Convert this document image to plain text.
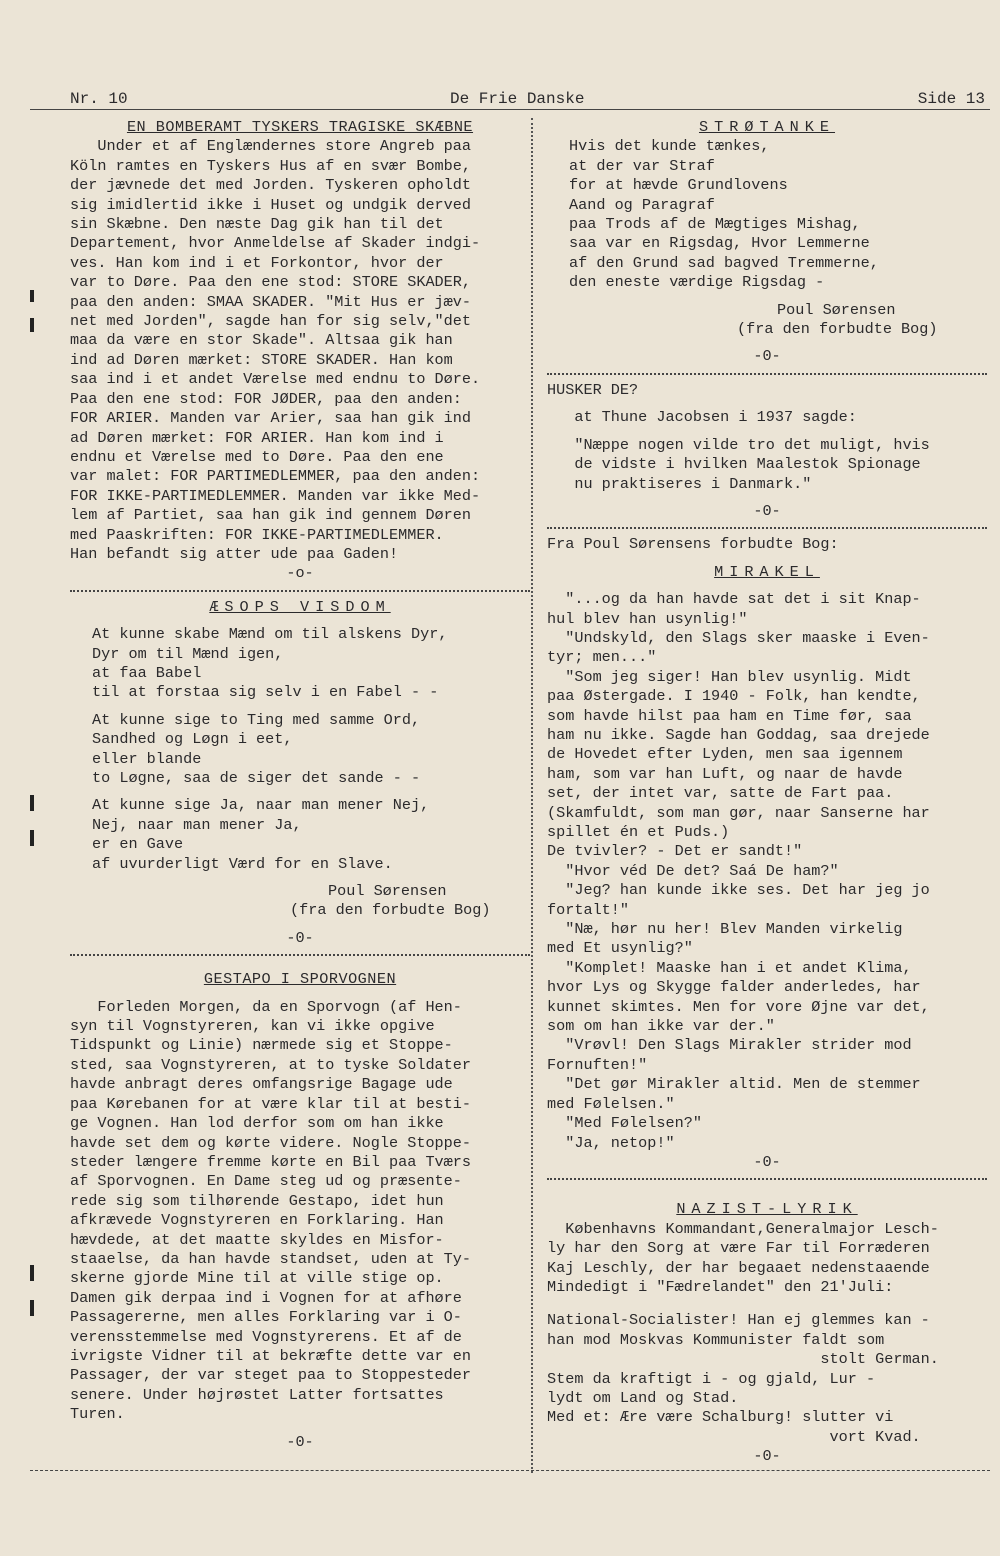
Nr. 10	De Frie Danske	Side 13

EN BOMBERAMT TYSKERS TRAGISKE SKÆBNE

Under et af Englændernes store Angreb paa

Köln ramtes en Tyskers Hus af en svær Bombe,

der jævnede det med Jorden. Tyskeren opholdt

sig imidlertid ikke i Huset og undgik derved

sin Skæbne. Den næste Dag gik han til det

Departement, hvor Anmeldelse af Skader indgi-

ves. Han kom ind i et Forkontor, hvor der

var to Døre. Paa den ene stod: STORE SKADER,

paa den anden: SMAA SKADER. "Mit Hus er jæv-

net med Jorden", sagde han for sig selv,"det

maa da være en stor Skade". Altsaa gik han

ind ad Døren mærket: STORE SKADER. Han kom

saa ind i et andet Værelse med endnu to Døre.

Paa den ene stod: FOR JØDER, paa den anden:

FOR ARIER. Manden var Arier, saa han gik ind

ad Døren mærket: FOR ARIER. Han kom ind i

endnu et Værelse med to Døre. Paa den ene

var malet: FOR PARTIMEDLEMMER, paa den anden:

FOR IKKE-PARTIMEDLEMMER. Manden var ikke Med-

lem af Partiet, saa han gik ind gennem Døren

med Paaskriften: FOR IKKE-PARTIMEDLEMMER.

Han befandt sig atter ude paa Gaden!

-o-

ÆSOPS VISDOM

At kunne skabe Mænd om til alskens Dyr,

Dyr om til Mænd igen,

at faa Babel

til at forstaa sig selv i en Fabel - -

At kunne sige to Ting med samme Ord,

Sandhed og Løgn i eet,

eller blande

to Løgne, saa de siger det sande - -

At kunne sige Ja, naar man mener Nej,

Nej, naar man mener Ja,

er en Gave

af uvurderligt Værd for en Slave.

Poul Sørensen

(fra den forbudte Bog)

-0-

GESTAPO I SPORVOGNEN

Forleden Morgen, da en Sporvogn (af Hen-

syn til Vognstyreren, kan vi ikke opgive

Tidspunkt og Linie) nærmede sig et Stoppe-

sted, saa Vognstyreren, at to tyske Soldater

havde anbragt deres omfangsrige Bagage ude

paa Kørebanen for at være klar til at besti-

ge Vognen. Han lod derfor som om han ikke

havde set dem og kørte videre. Nogle Stoppe-

steder længere fremme kørte en Bil paa Tværs

af Sporvognen. En Dame steg ud og præsente-

rede sig som tilhørende Gestapo, idet hun

afkrævede Vognstyreren en Forklaring. Han

hævdede, at det maatte skyldes en Misfor-

staaelse, da han havde standset, uden at Ty-

skerne gjorde Mine til at ville stige op.

Damen gik derpaa ind i Vognen for at afhøre

Passagererne, men alles Forklaring var i O-

verensstemmelse med Vognstyrerens. Et af de

ivrigste Vidner til at bekræfte dette var en

Passager, der var steget paa to Stoppesteder

senere. Under højrøstet Latter fortsattes

Turen.

-0-

STRØTANKE

Hvis det kunde tænkes,

at der var Straf

for at hævde Grundlovens

Aand og Paragraf

paa Trods af de Mægtiges Mishag,

saa var en Rigsdag, Hvor Lemmerne

af den Grund sad bagved Tremmerne,

den eneste værdige Rigsdag -

Poul Sørensen

(fra den forbudte Bog)

-0-

HUSKER DE?

at Thune Jacobsen i 1937 sagde:

"Næppe nogen vilde tro det muligt, hvis

de vidste i hvilken Maalestok Spionage

nu praktiseres i Danmark."

-0-

Fra Poul Sørensens forbudte Bog:

MIRAKEL

"...og da han havde sat det i sit Knap-

hul blev han usynlig!"

"Undskyld, den Slags sker maaske i Even-

tyr; men..."

"Som jeg siger! Han blev usynlig. Midt

paa Østergade. I 1940 - Folk, han kendte,

som havde hilst paa ham en Time før, saa

ham nu ikke. Sagde han Goddag, saa drejede

de Hovedet efter Lyden, men saa igennem

ham, som var han Luft, og naar de havde

set, der intet var, satte de Fart paa.

(Skamfuldt, som man gør, naar Sanserne har

spillet én et Puds.)

De tvivler? - Det er sandt!"

"Hvor véd De det? Saá De ham?"

"Jeg? han kunde ikke ses. Det har jeg jo

fortalt!"

"Næ, hør nu her! Blev Manden virkelig

med Et usynlig?"

"Komplet! Maaske han i et andet Klima,

hvor Lys og Skygge falder anderledes, har

kunnet skimtes. Men for vore Øjne var det,

som om han ikke var der."

"Vrøvl! Den Slags Mirakler strider mod

Fornuften!"

"Det gør Mirakler altid. Men de stemmer

med Følelsen."

"Med Følelsen?"

"Ja, netop!"

-0-

NAZIST-LYRIK

Københavns Kommandant,Generalmajor Lesch-

ly har den Sorg at være Far til Forræderen

Kaj Leschly, der har begaaet nedenstaaende

Mindedigt i "Fædrelandet" den 21'Juli:

National-Socialister! Han ej glemmes kan -

han mod Moskvas Kommunister faldt som

stolt German.

Stem da kraftigt i - og gjald, Lur -

lydt om Land og Stad.

Med et: Ære være Schalburg! slutter vi

vort Kvad.

-0-
